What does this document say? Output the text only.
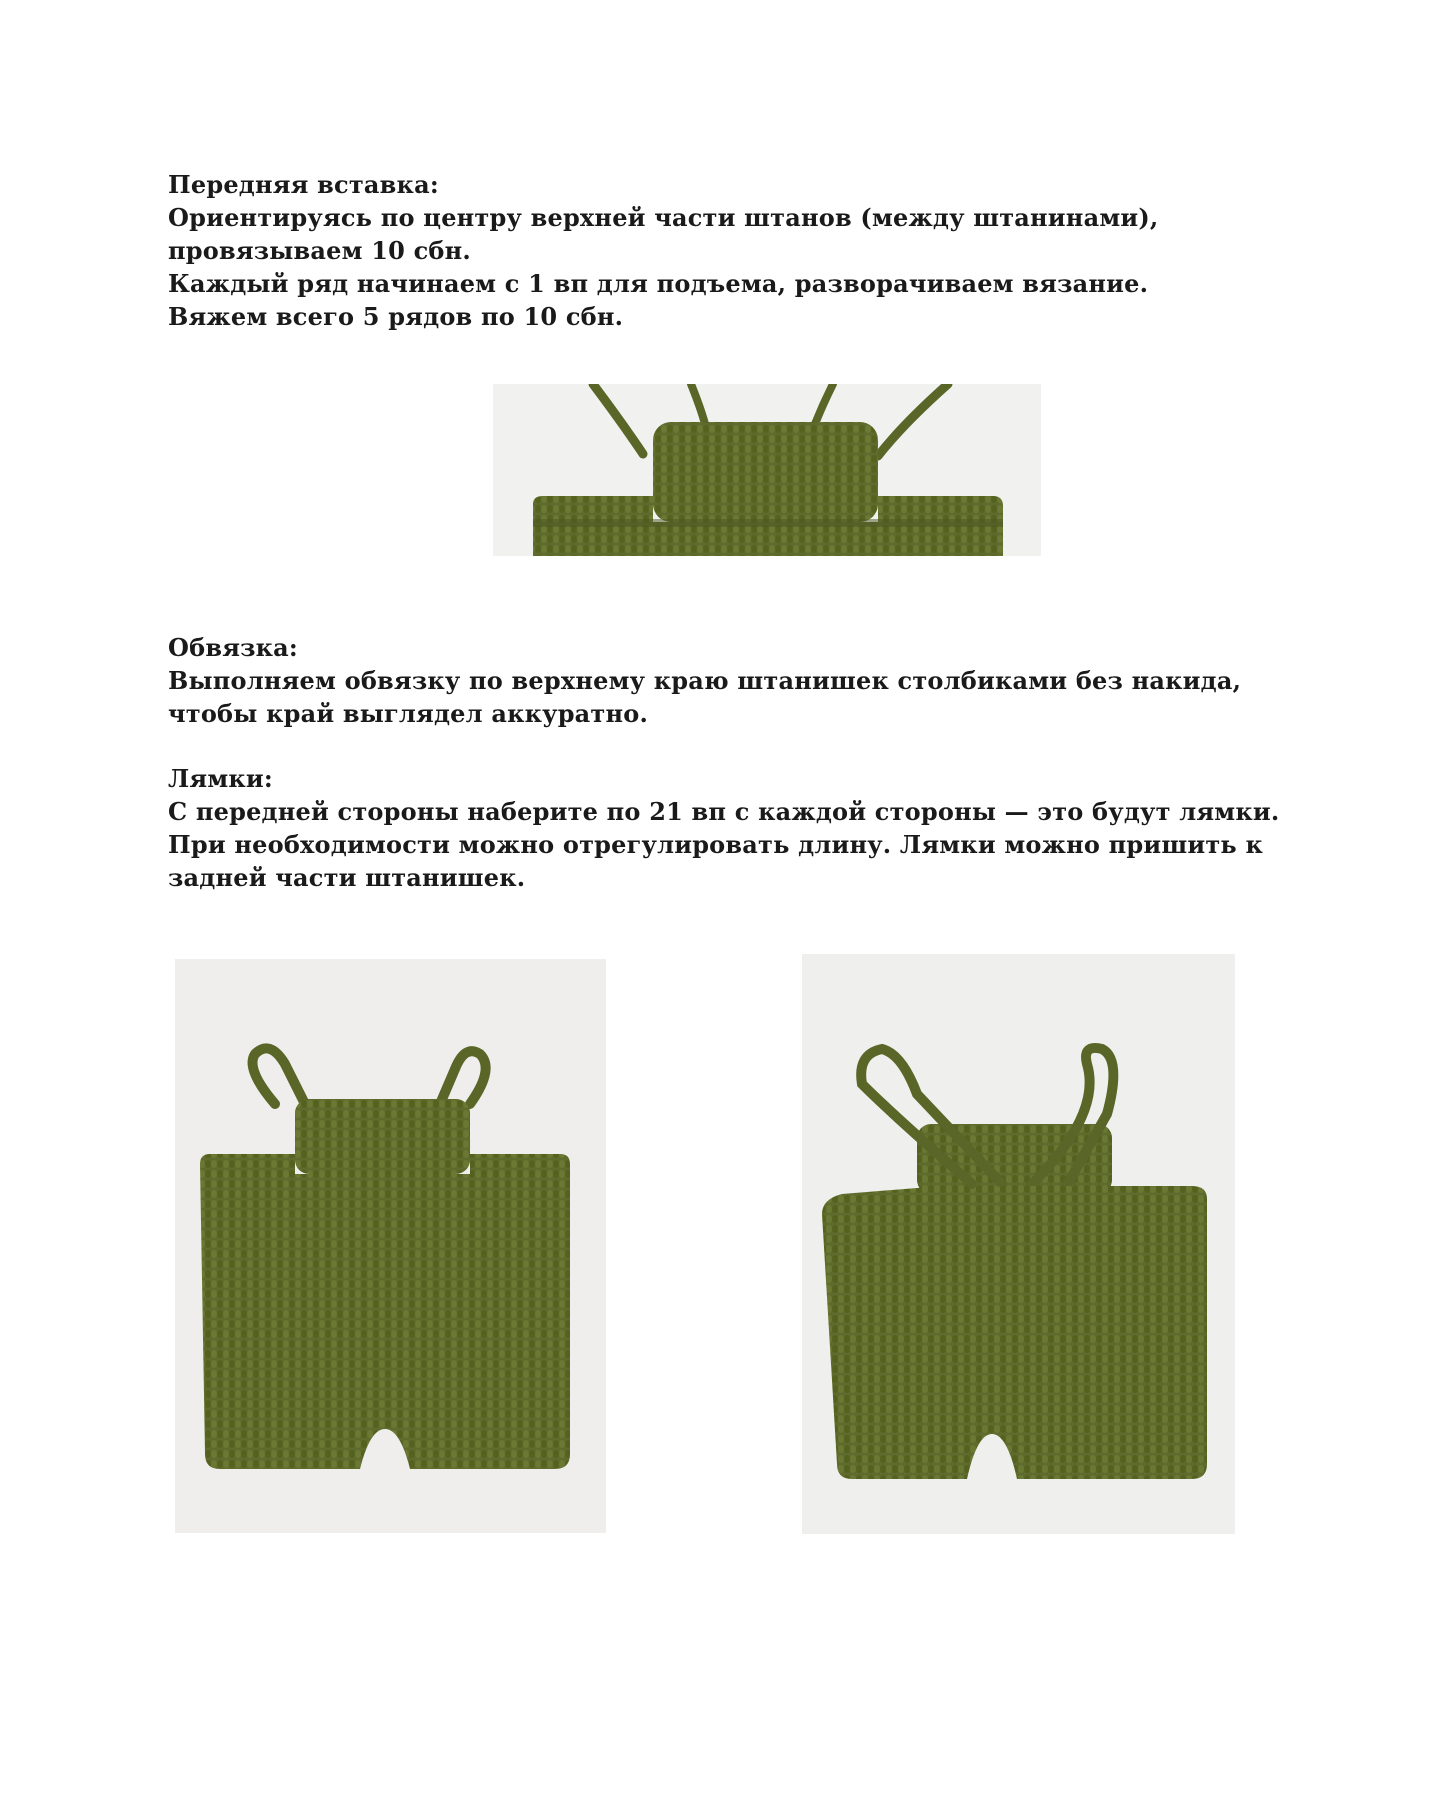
Передняя вставка:

Ориентируясь по центру верхней части штанов (между штанинами), провязываем 10 сбн.

Каждый ряд начинаем с 1 вп для подъема, разворачиваем вязание.

Вяжем всего 5 рядов по 10 сбн.

Обвязка:

Выполняем обвязку по верхнему краю штанишек столбиками без накида, чтобы край выглядел аккуратно.

Лямки:

С передней стороны наберите по 21 вп с каждой стороны — это будут лямки. При необходимости можно отрегулировать длину. Лямки можно пришить к задней части штанишек.
